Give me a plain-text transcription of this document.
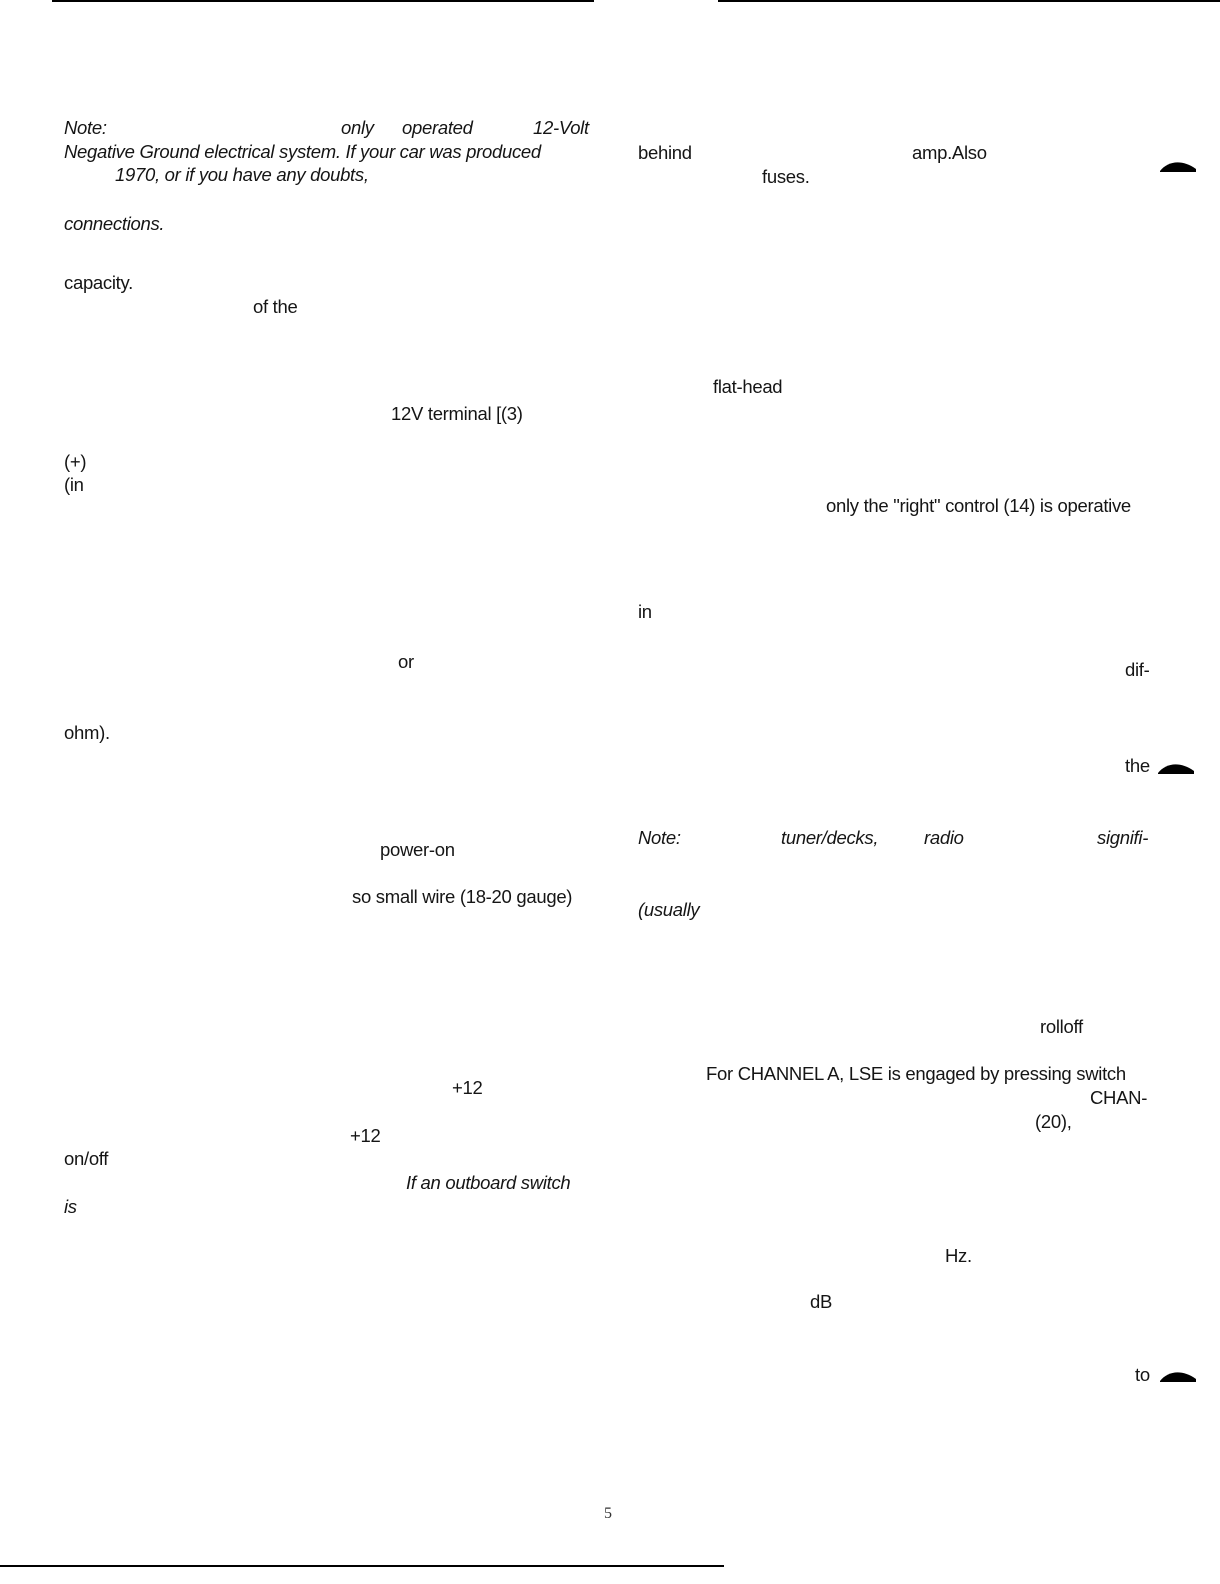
Note:	only operated	12-Volt
Negative Ground electrical system. If your car was produced
1970, or if you have any doubts,
connections.
capacity.
of the
12V terminal [(3)
(+)
(in
or
ohm).
power-on
so small wire (18-20 gauge)
+12
+12
on/off
If an outboard switch
is
behind	amp.Also
fuses.
flat-head
only the "right" control (14) is operative
in
dif-
the
Note:	tuner/decks, radio	signifi-
(usually
rolloff
For CHANNEL A, LSE is engaged by pressing switch
CHAN-
(20),
Hz.
dB
to
5
